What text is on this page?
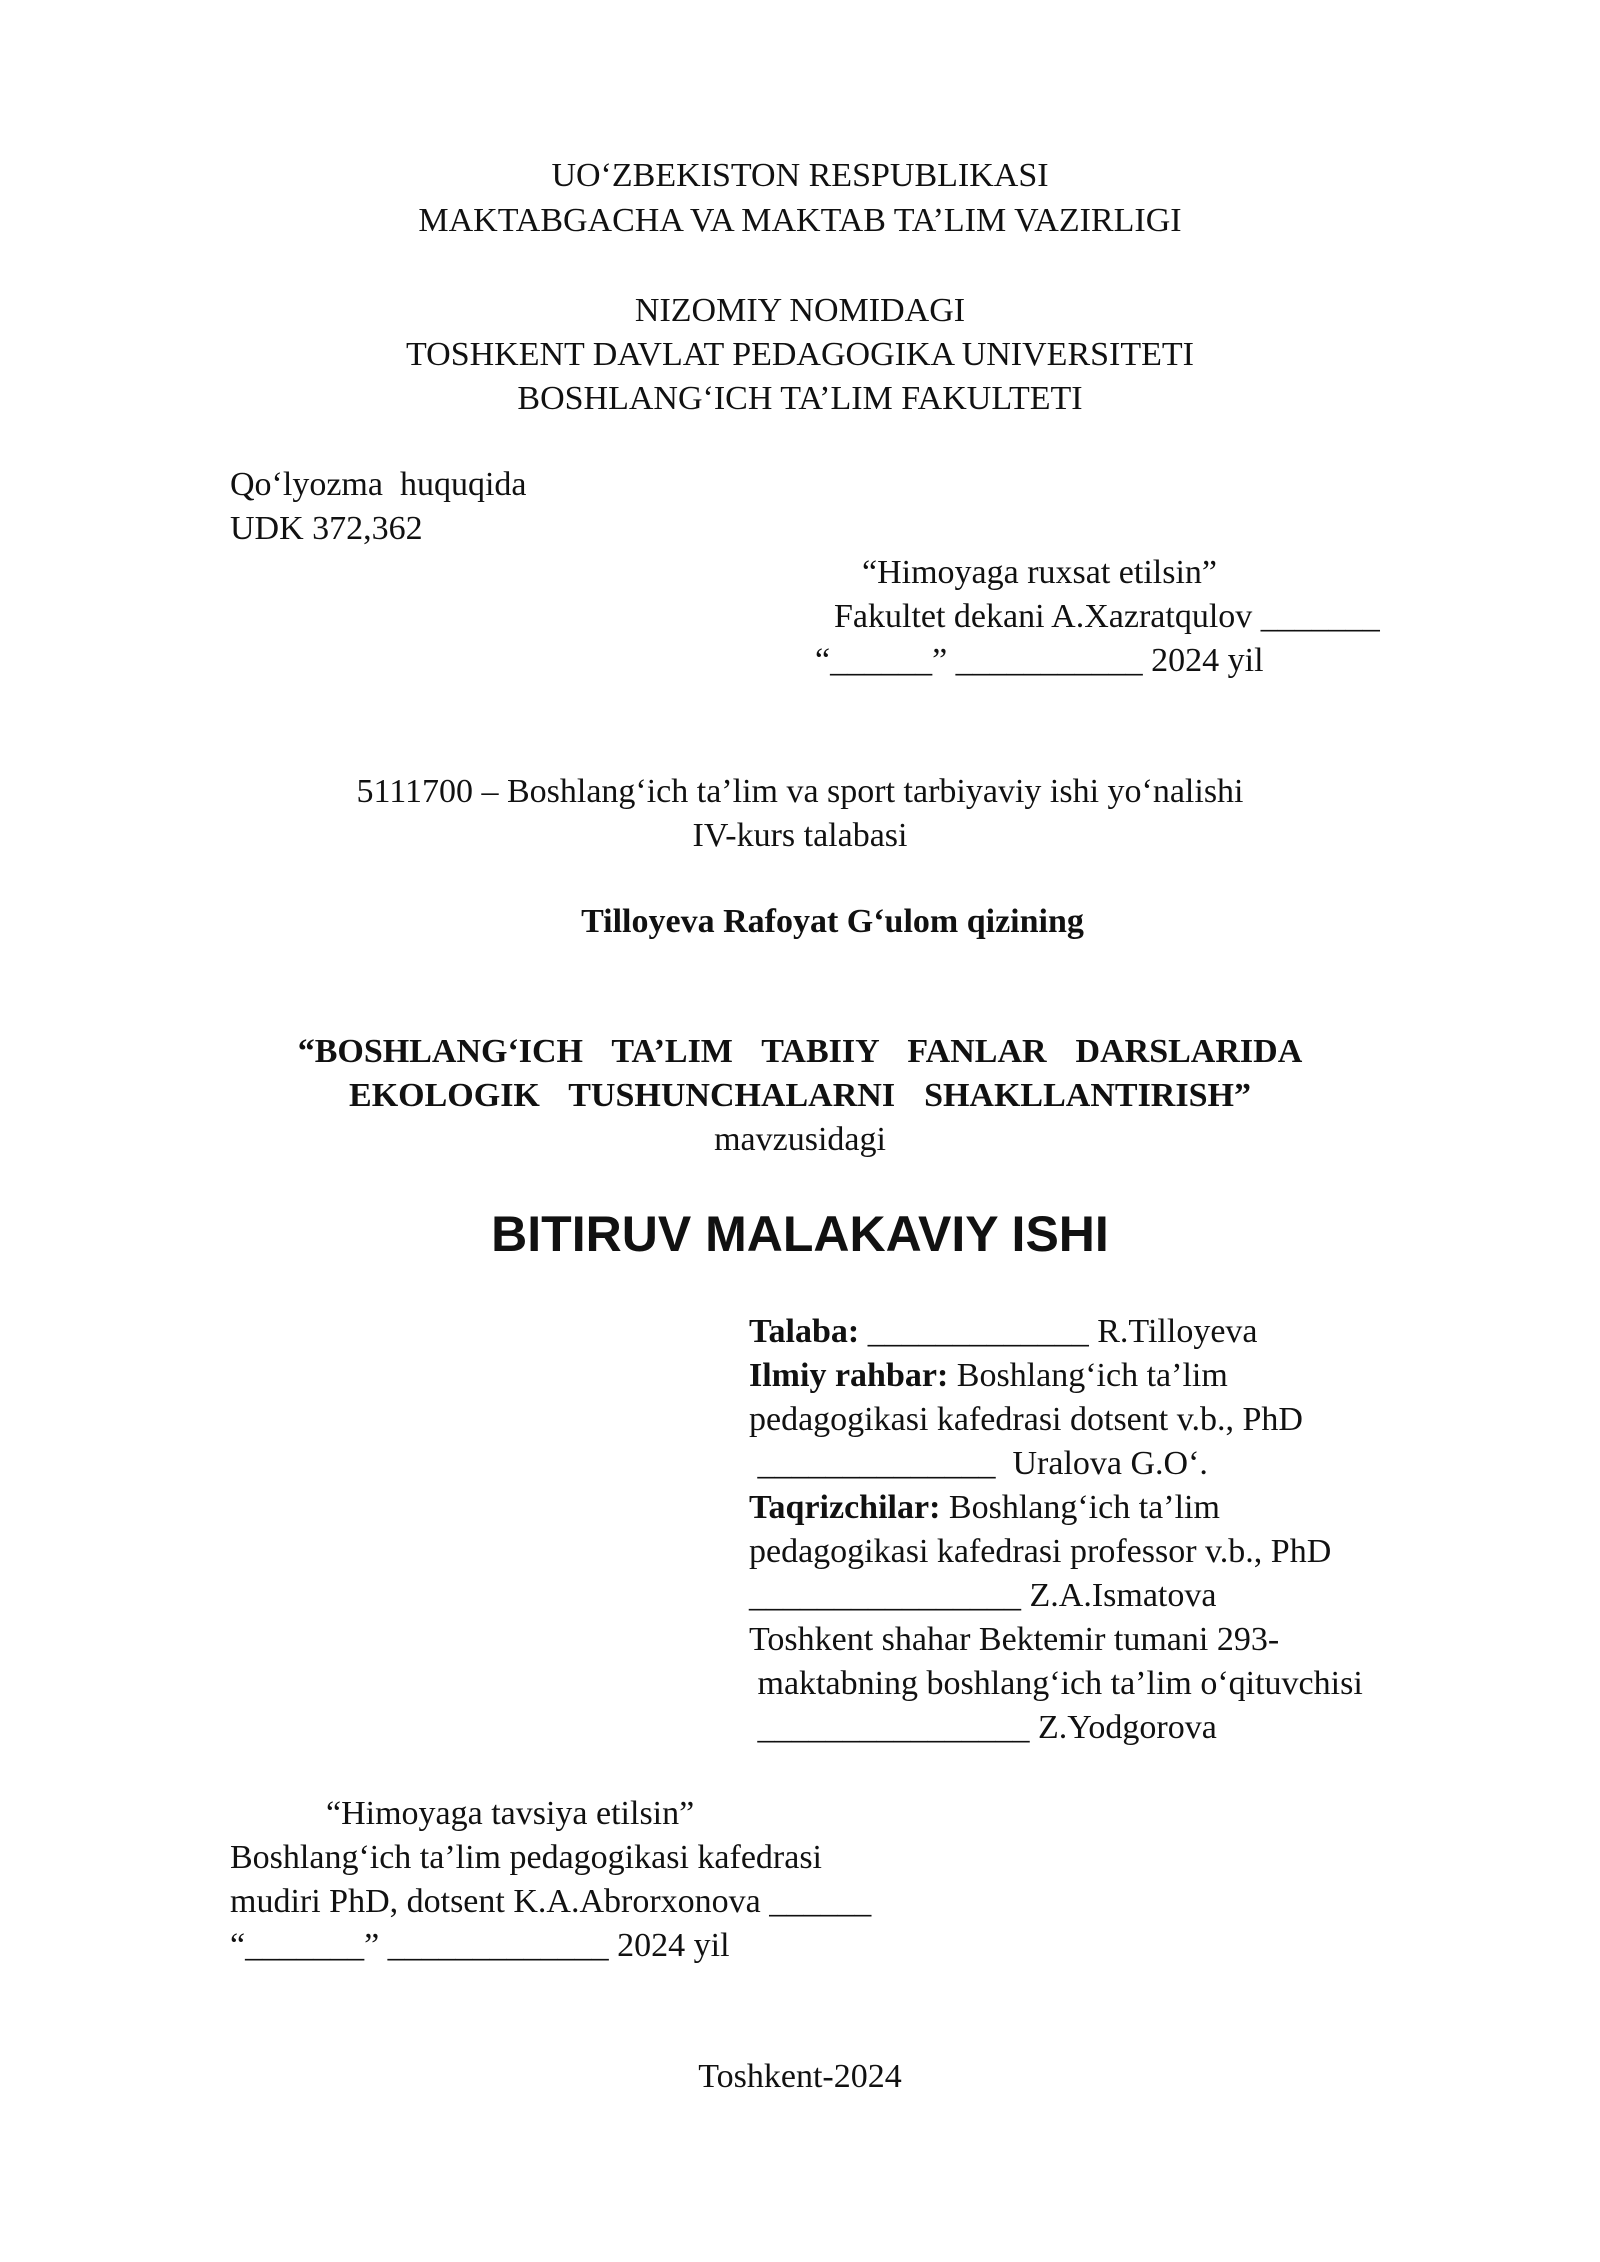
UO‘ZBEKISTON RESPUBLIKASI
MAKTABGACHA VA MAKTAB TA’LIM VAZIRLIGI
NIZOMIY NOMIDAGI
TOSHKENT DAVLAT PEDAGOGIKA UNIVERSITETI
BOSHLANG‘ICH TA’LIM FAKULTETI
Qo‘lyozma  huquqida
UDK 372,362
“Himoyaga ruxsat etilsin”
Fakultet dekani A.Xazratqulov _______
“______” ___________ 2024 yil
5111700 – Boshlang‘ich ta’lim va sport tarbiyaviy ishi yo‘nalishi
IV-kurs talabasi
Tilloyeva Rafoyat G‘ulom qizining
“BOSHLANG‘ICH  TA’LIM  TABIIY  FANLAR  DARSLARIDA
EKOLOGIK  TUSHUNCHALARNI  SHAKLLANTIRISH”
mavzusidagi
BITIRUV MALAKAVIY ISHI
Talaba: _____________ R.Tilloyeva
Ilmiy rahbar: Boshlang‘ich ta’lim
pedagogikasi kafedrasi dotsent v.b., PhD
______________  Uralova G.O‘.
Taqrizchilar: Boshlang‘ich ta’lim
pedagogikasi kafedrasi professor v.b., PhD
________________ Z.A.Ismatova
Toshkent shahar Bektemir tumani 293-
maktabning boshlang‘ich ta’lim o‘qituvchisi
________________ Z.Yodgorova
“Himoyaga tavsiya etilsin”
Boshlang‘ich ta’lim pedagogikasi kafedrasi
mudiri PhD, dotsent K.A.Abrorxonova ______
“_______” _____________ 2024 yil
Toshkent-2024
